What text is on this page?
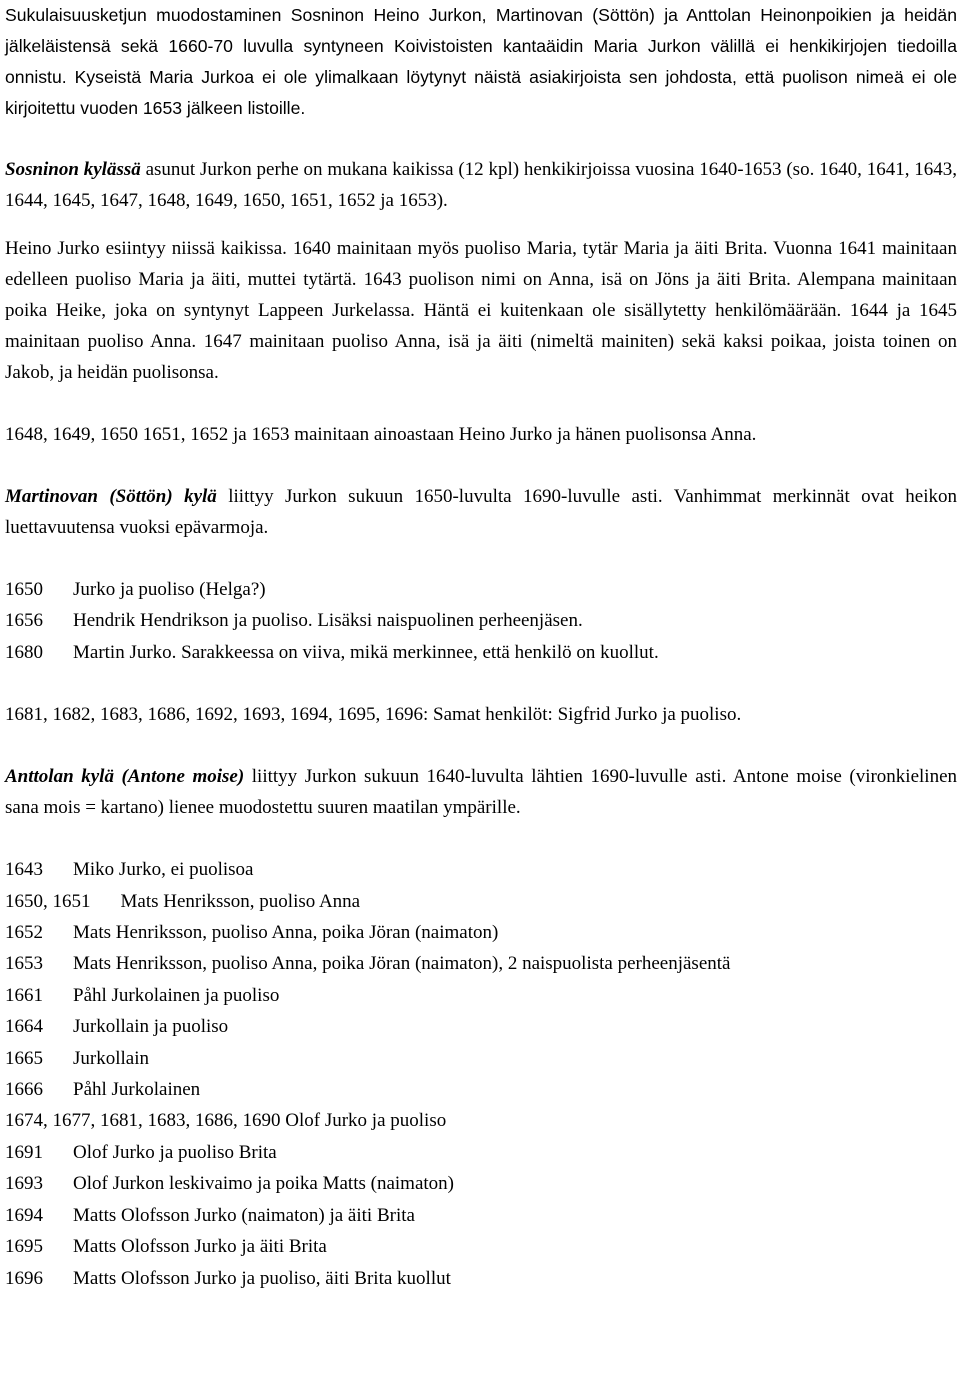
Sukulaisuusketjun muodostaminen Sosninon Heino Jurkon, Martinovan (Söttön) ja Anttolan Heinonpoikien ja heidän jälkeläistensä sekä 1660-70 luvulla syntyneen Koivistoisten kantaäidin Maria Jurkon välillä ei henkikirjojen tiedoilla onnistu. Kyseistä Maria Jurkoa ei ole ylimalkaan löytynyt näistä asiakirjoista sen johdosta, että puolison nimeä ei ole kirjoitettu vuoden 1653 jälkeen listoille.

Sosninon kylässä asunut Jurkon perhe on mukana kaikissa (12 kpl) henkikirjoissa vuosina 1640-1653 (so. 1640, 1641, 1643, 1644, 1645, 1647, 1648, 1649, 1650, 1651, 1652 ja 1653).

Heino Jurko esiintyy niissä kaikissa. 1640 mainitaan myös puoliso Maria, tytär Maria ja äiti Brita. Vuonna 1641 mainitaan edelleen puoliso Maria ja äiti, muttei tytärtä. 1643 puolison nimi on Anna, isä on Jöns ja äiti Brita. Alempana mainitaan poika Heike, joka on syntynyt Lappeen Jurkelassa. Häntä ei kuitenkaan ole sisällytetty henkilömäärään. 1644 ja 1645 mainitaan puoliso Anna. 1647 mainitaan puoliso Anna, isä ja äiti (nimeltä mainiten) sekä kaksi poikaa, joista toinen on Jakob, ja heidän puolisonsa.

1648, 1649, 1650 1651, 1652 ja 1653 mainitaan ainoastaan Heino Jurko ja hänen puolisonsa Anna.

Martinovan (Söttön) kylä liittyy Jurkon sukuun 1650-luvulta 1690-luvulle asti. Vanhimmat merkinnät ovat heikon luettavuutensa vuoksi epävarmoja.

1650 Jurko ja puoliso (Helga?)
1656 Hendrik Hendrikson ja puoliso. Lisäksi naispuolinen perheenjäsen.
1680 Martin Jurko. Sarakkeessa on viiva, mikä merkinnee, että henkilö on kuollut.

1681, 1682, 1683, 1686, 1692, 1693, 1694, 1695, 1696: Samat henkilöt: Sigfrid Jurko ja puoliso.

Anttolan kylä (Antone moise) liittyy Jurkon sukuun 1640-luvulta lähtien 1690-luvulle asti. Antone moise (vironkielinen sana mois = kartano) lienee muodostettu suuren maatilan ympärille.

1643 Miko Jurko, ei puolisoa
1650, 1651 Mats Henriksson, puoliso Anna
1652 Mats Henriksson, puoliso Anna, poika Jöran (naimaton)
1653 Mats Henriksson, puoliso Anna, poika Jöran (naimaton), 2 naispuolista perheenjäsentä
1661 Påhl Jurkolainen ja puoliso
1664 Jurkollain ja puoliso
1665 Jurkollain
1666 Påhl Jurkolainen
1674, 1677, 1681, 1683, 1686, 1690 Olof Jurko ja puoliso
1691 Olof Jurko ja puoliso Brita
1693 Olof Jurkon leskivaimo ja poika Matts (naimaton)
1694 Matts Olofsson Jurko (naimaton) ja äiti Brita
1695 Matts Olofsson Jurko ja äiti Brita
1696 Matts Olofsson Jurko ja puoliso, äiti Brita kuollut
